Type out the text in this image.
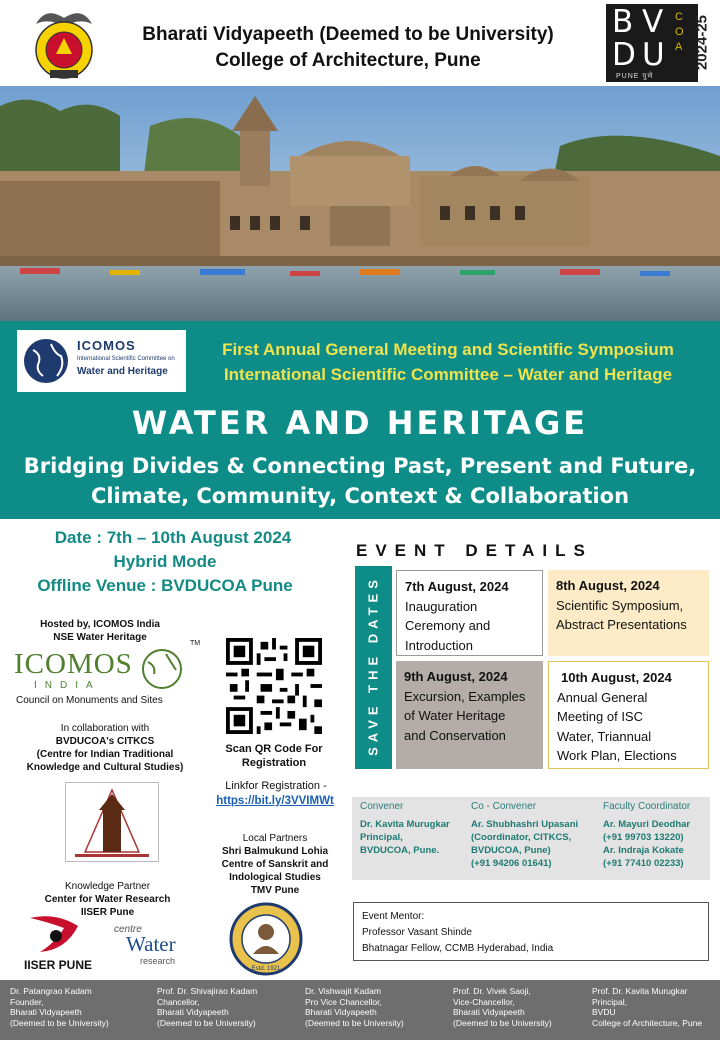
Bharati Vidyapeeth (Deemed to be University)
College of Architecture, Pune
B V
D U
COA
PUNE पुणे
2024-25
ICOMOS
International Scientific Committee on
Water and Heritage
First Annual General Meeting and Scientific Symposium
International Scientific Committee – Water and Heritage
WATER AND HERITAGE
Bridging Divides & Connecting Past, Present and Future,
Climate, Community, Context & Collaboration
Date : 7th – 10th August 2024
Hybrid Mode
Offline Venue : BVDUCOA Pune
Hosted by, ICOMOS India
NSE Water Heritage
ICOMOS
INDIA
TM
Council on Monuments and Sites
In collaboration with
BVDUCOA's CITKCS
(Centre for Indian Traditional
Knowledge and Cultural Studies)
Knowledge Partner
Center for Water Research
IISER Pune
IISER PUNE
centre
Water
research
Scan QR Code For
Registration
Linkfor Registration -
https://bit.ly/3VVIMWt
Local Partners
Shri Balmukund Lohia
Centre of Sanskrit and
Indological Studies
TMV Pune
Estd. 1921
EVENT DETAILS
SAVE THE DATES 7th August, 2024
Inauguration
Ceremony and
Introduction
8th August, 2024
Scientific Symposium,
Abstract Presentations
9th August, 2024
Excursion, Examples
of Water Heritage
and Conservation
10th August, 2024
Annual General
Meeting of ISC
Water, Triannual
Work Plan, Elections
Convener	Co - Convener	Faculty Coordinator
Dr. Kavita Murugkar
Principal,
BVDUCOA, Pune.
Ar. Shubhashri Upasani
(Coordinator, CITKCS,
BVDUCOA, Pune)
(+91 94206 01641)
Ar. Mayuri Deodhar
(+91 99703 13220)
Ar. Indraja Kokate
(+91 77410 02233)
Event Mentor:
Professor Vasant Shinde
Bhatnagar Fellow, CCMB Hyderabad, India
Dr. Patangrao Kadam
Founder,
Bharati Vidyapeeth
(Deemed to be University)
Prof. Dr. Shivajirao Kadam
Chancellor,
Bharati Vidyapeeth
(Deemed to be University)
Dr. Vishwajit Kadam
Pro Vice Chancellor,
Bharati Vidyapeeth
(Deemed to be University)
Prof. Dr. Vivek Saoji,
Vice-Chancellor,
Bharati Vidyapeeth
(Deemed to be University)
Prof. Dr. Kavita Murugkar
Principal,
BVDU
College of Architecture, Pune
